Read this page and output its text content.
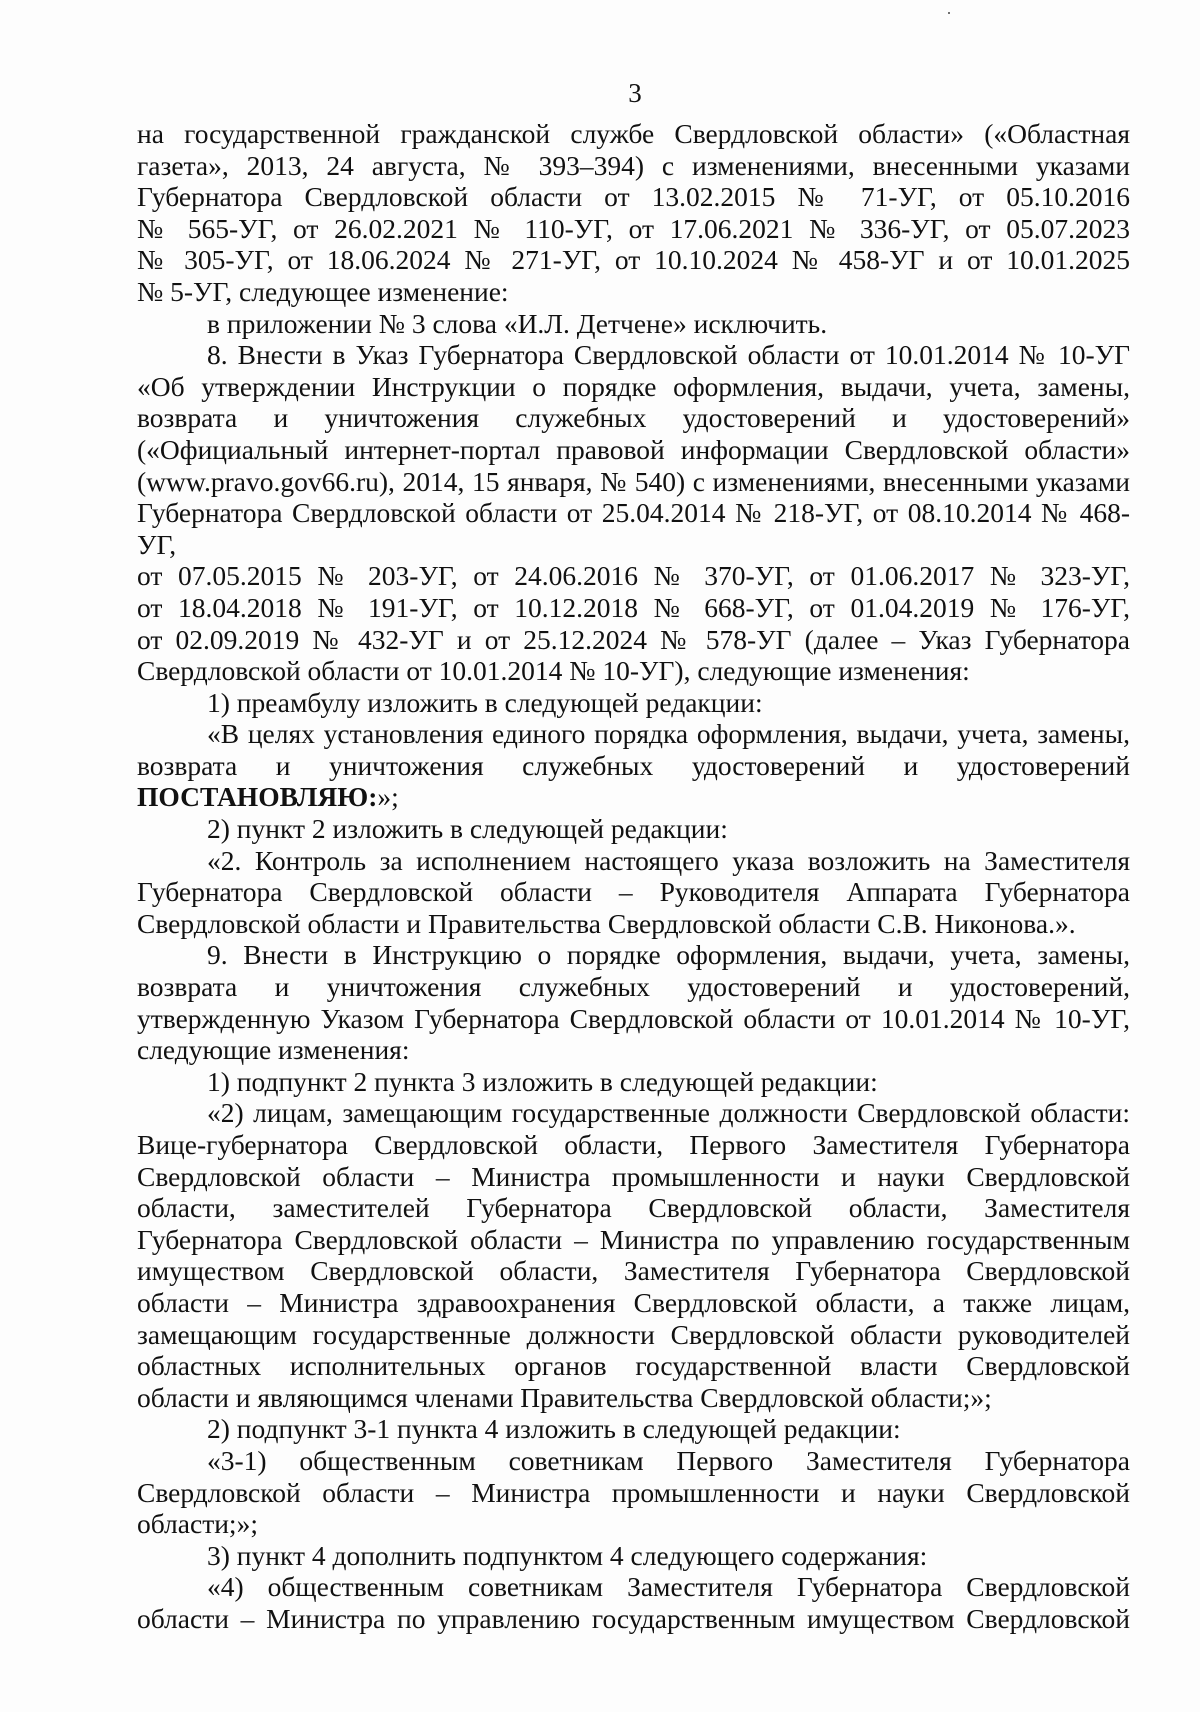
3

на государственной гражданской службе Свердловской области» («Областная

газета», 2013, 24 августа, № 393–394) с изменениями, внесенными указами

Губернатора Свердловской области от 13.02.2015 № 71-УГ, от 05.10.2016

№ 565-УГ, от 26.02.2021 № 110-УГ, от 17.06.2021 № 336-УГ, от 05.07.2023

№ 305-УГ, от 18.06.2024 № 271-УГ, от 10.10.2024 № 458-УГ и от 10.01.2025

№ 5-УГ, следующее изменение:

в приложении № 3 слова «И.Л. Детчене» исключить.

8. Внести в Указ Губернатора Свердловской области от 10.01.2014 № 10-УГ

«Об утверждении Инструкции о порядке оформления, выдачи, учета, замены,

возврата и уничтожения служебных удостоверений и удостоверений»

(«Официальный интернет-портал правовой информации Свердловской области»

(www.pravo.gov66.ru), 2014, 15 января, № 540) с изменениями, внесенными указами

Губернатора Свердловской области от 25.04.2014 № 218-УГ, от 08.10.2014 № 468-УГ,

от 07.05.2015 № 203-УГ, от 24.06.2016 № 370-УГ, от 01.06.2017 № 323-УГ,

от 18.04.2018 № 191-УГ, от 10.12.2018 № 668-УГ, от 01.04.2019 № 176-УГ,

от 02.09.2019 № 432-УГ и от 25.12.2024 № 578-УГ (далее – Указ Губернатора

Свердловской области от 10.01.2014 № 10-УГ), следующие изменения:

1) преамбулу изложить в следующей редакции:

«В целях установления единого порядка оформления, выдачи, учета, замены,

возврата и уничтожения служебных удостоверений и удостоверений

ПОСТАНОВЛЯЮ:»;

2) пункт 2 изложить в следующей редакции:

«2. Контроль за исполнением настоящего указа возложить на Заместителя

Губернатора Свердловской области – Руководителя Аппарата Губернатора

Свердловской области и Правительства Свердловской области С.В. Никонова.».

9. Внести в Инструкцию о порядке оформления, выдачи, учета, замены,

возврата и уничтожения служебных удостоверений и удостоверений,

утвержденную Указом Губернатора Свердловской области от 10.01.2014 № 10-УГ,

следующие изменения:

1) подпункт 2 пункта 3 изложить в следующей редакции:

«2) лицам, замещающим государственные должности Свердловской области:

Вице-губернатора Свердловской области, Первого Заместителя Губернатора

Свердловской области – Министра промышленности и науки Свердловской

области, заместителей Губернатора Свердловской области, Заместителя

Губернатора Свердловской области – Министра по управлению государственным

имуществом Свердловской области, Заместителя Губернатора Свердловской

области – Министра здравоохранения Свердловской области, а также лицам,

замещающим государственные должности Свердловской области руководителей

областных исполнительных органов государственной власти Свердловской

области и являющимся членами Правительства Свердловской области;»;

2) подпункт 3-1 пункта 4 изложить в следующей редакции:

«3-1) общественным советникам Первого Заместителя Губернатора

Свердловской области – Министра промышленности и науки Свердловской

области;»;

3) пункт 4 дополнить подпунктом 4 следующего содержания:

«4) общественным советникам Заместителя Губернатора Свердловской

области – Министра по управлению государственным имуществом Свердловской
